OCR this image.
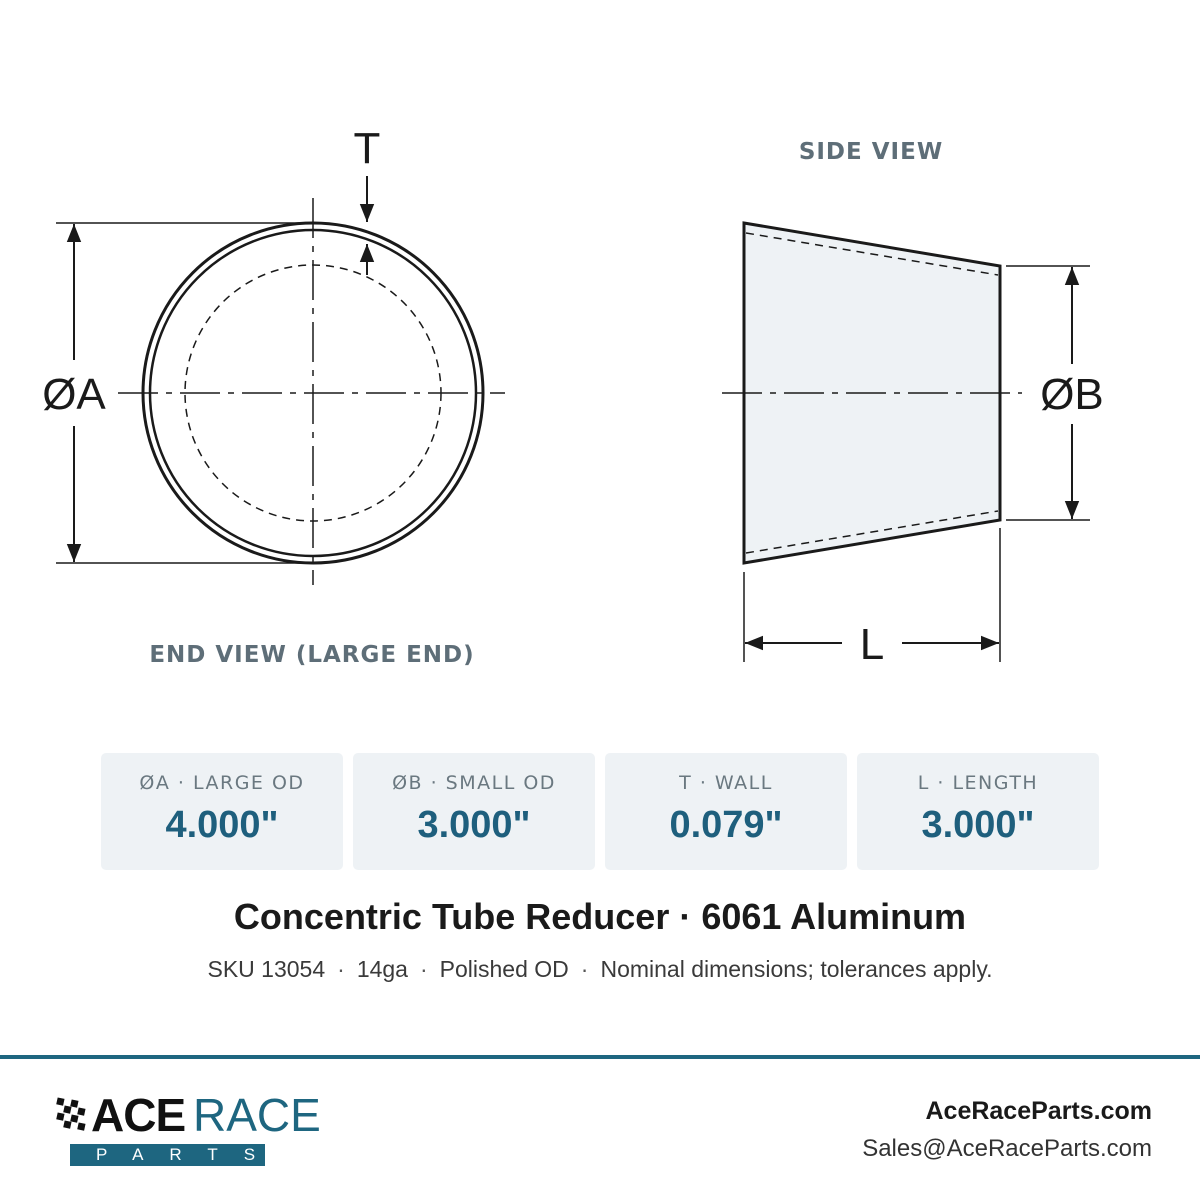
ØA
T
END VIEW (LARGE END)
SIDE VIEW
ØB
L
ØA · LARGE OD
4.000"
ØB · SMALL OD
3.000"
T · WALL
0.079"
L · LENGTH
3.000"
Concentric Tube Reducer · 6061 Aluminum
SKU 13054 · 14ga · Polished OD · Nominal dimensions; tolerances apply.
ACE RACE
PARTS
AceRaceParts.com
Sales@AceRaceParts.com
